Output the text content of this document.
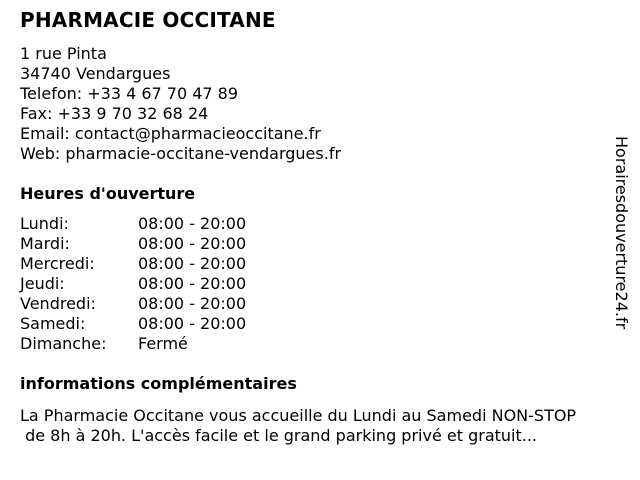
PHARMACIE OCCITANE
1 rue Pinta
34740 Vendargues
Telefon: +33 4 67 70 47 89
Fax: +33 9 70 32 68 24
Email: contact@pharmacieoccitane.fr
Web: pharmacie-occitane-vendargues.fr
Heures d'ouverture
Lundi:	08:00 - 20:00
Mardi:	08:00 - 20:00
Mercredi:	08:00 - 20:00
Jeudi:	08:00 - 20:00
Vendredi:	08:00 - 20:00
Samedi:	08:00 - 20:00
Dimanche: Fermé
informations complémentaires
La Pharmacie Occitane vous accueille du Lundi au Samedi NON-STOP
de 8h à 20h. L'accès facile et le grand parking privé et gratuit...
Horairesdouverture24.fr
